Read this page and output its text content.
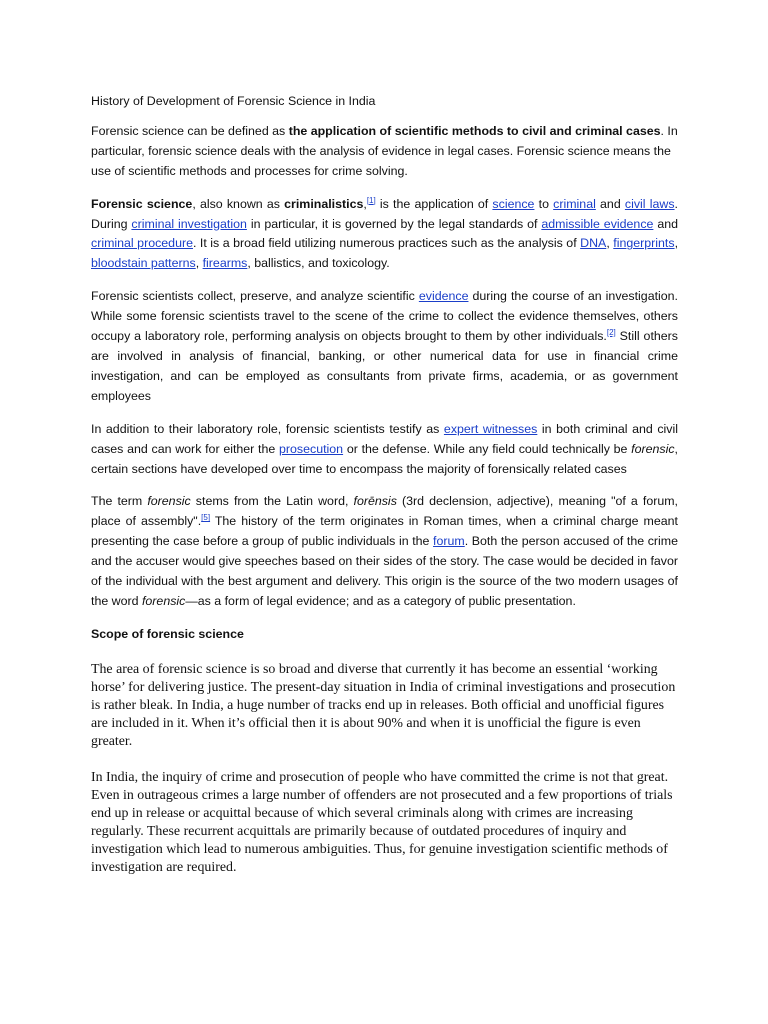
History of Development of Forensic Science in India

Forensic science can be defined as the application of scientific methods to civil and criminal cases. In particular, forensic science deals with the analysis of evidence in legal cases. Forensic science means the use of scientific methods and processes for crime solving.

Forensic science, also known as criminalistics,[1] is the application of science to criminal and civil laws. During criminal investigation in particular, it is governed by the legal standards of admissible evidence and criminal procedure. It is a broad field utilizing numerous practices such as the analysis of DNA, fingerprints, bloodstain patterns, firearms, ballistics, and toxicology.

Forensic scientists collect, preserve, and analyze scientific evidence during the course of an investigation. While some forensic scientists travel to the scene of the crime to collect the evidence themselves, others occupy a laboratory role, performing analysis on objects brought to them by other individuals.[2] Still others are involved in analysis of financial, banking, or other numerical data for use in financial crime investigation, and can be employed as consultants from private firms, academia, or as government employees

In addition to their laboratory role, forensic scientists testify as expert witnesses in both criminal and civil cases and can work for either the prosecution or the defense. While any field could technically be forensic, certain sections have developed over time to encompass the majority of forensically related cases

The term forensic stems from the Latin word, forēnsis (3rd declension, adjective), meaning "of a forum, place of assembly".[5] The history of the term originates in Roman times, when a criminal charge meant presenting the case before a group of public individuals in the forum. Both the person accused of the crime and the accuser would give speeches based on their sides of the story. The case would be decided in favor of the individual with the best argument and delivery. This origin is the source of the two modern usages of the word forensic—as a form of legal evidence; and as a category of public presentation.

Scope of forensic science

The area of forensic science is so broad and diverse that currently it has become an essential ‘working horse’ for delivering justice. The present-day situation in India of criminal investigations and prosecution is rather bleak. In India, a huge number of tracks end up in releases. Both official and unofficial figures are included in it. When it’s official then it is about 90% and when it is unofficial the figure is even greater.

In India, the inquiry of crime and prosecution of people who have committed the crime is not that great. Even in outrageous crimes a large number of offenders are not prosecuted and a few proportions of trials end up in release or acquittal because of which several criminals along with crimes are increasing regularly. These recurrent acquittals are primarily because of outdated procedures of inquiry and investigation which lead to numerous ambiguities. Thus, for genuine investigation scientific methods of investigation are required.
